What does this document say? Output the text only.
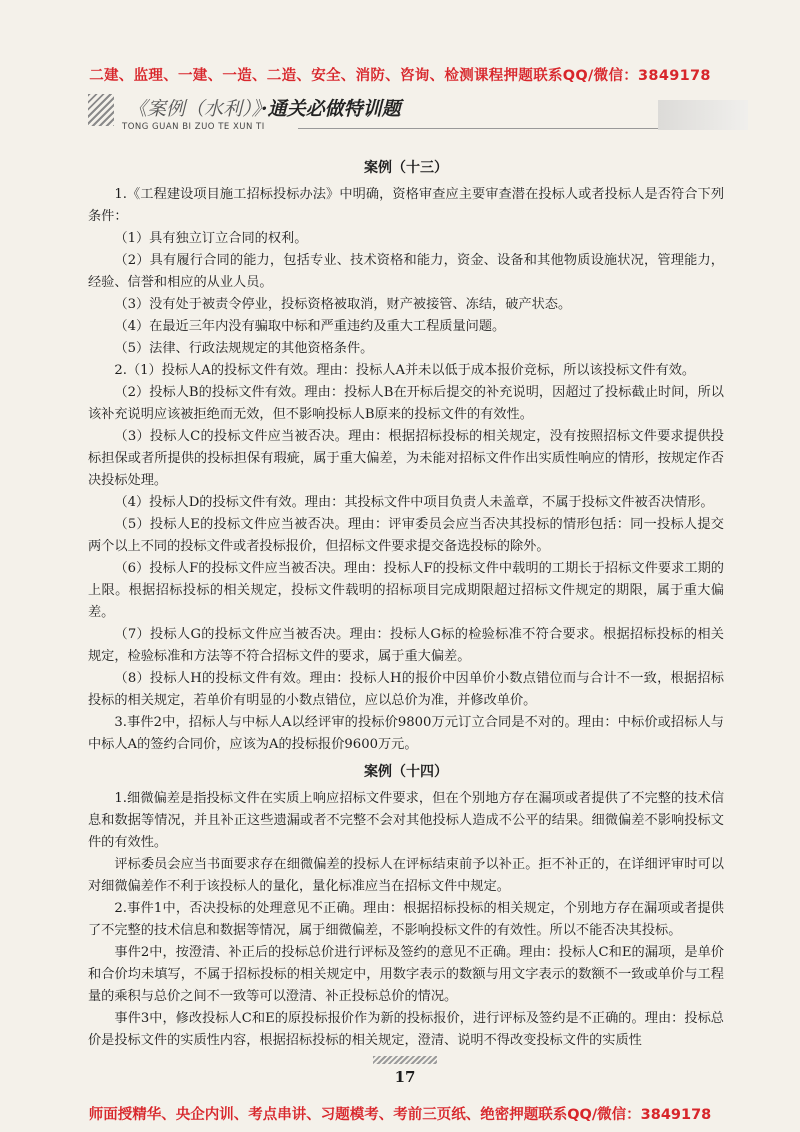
二建、监理、一建、一造、二造、安全、消防、咨询、检测课程押题联系QQ/微信：3849178
《案例（水利）》·通关必做特训题
TONG GUAN BI ZUO TE XUN TI
案例（十三）

1.《工程建设项目施工招标投标办法》中明确，资格审查应主要审查潜在投标人或者投标人是否符合下列条件：

（1）具有独立订立合同的权利。

（2）具有履行合同的能力，包括专业、技术资格和能力，资金、设备和其他物质设施状况，管理能力，经验、信誉和相应的从业人员。

（3）没有处于被责令停业，投标资格被取消，财产被接管、冻结，破产状态。

（4）在最近三年内没有骗取中标和严重违约及重大工程质量问题。

（5）法律、行政法规规定的其他资格条件。

2.（1）投标人A的投标文件有效。理由：投标人A并未以低于成本报价竞标，所以该投标文件有效。

（2）投标人B的投标文件有效。理由：投标人B在开标后提交的补充说明，因超过了投标截止时间，所以该补充说明应该被拒绝而无效，但不影响投标人B原来的投标文件的有效性。

（3）投标人C的投标文件应当被否决。理由：根据招标投标的相关规定，没有按照招标文件要求提供投标担保或者所提供的投标担保有瑕疵，属于重大偏差，为未能对招标文件作出实质性响应的情形，按规定作否决投标处理。

（4）投标人D的投标文件有效。理由：其投标文件中项目负责人未盖章，不属于投标文件被否决情形。

（5）投标人E的投标文件应当被否决。理由：评审委员会应当否决其投标的情形包括：同一投标人提交两个以上不同的投标文件或者投标报价，但招标文件要求提交备选投标的除外。

（6）投标人F的投标文件应当被否决。理由：投标人F的投标文件中载明的工期长于招标文件要求工期的上限。根据招标投标的相关规定，投标文件载明的招标项目完成期限超过招标文件规定的期限，属于重大偏差。

（7）投标人G的投标文件应当被否决。理由：投标人G标的检验标准不符合要求。根据招标投标的相关规定，检验标准和方法等不符合招标文件的要求，属于重大偏差。

（8）投标人H的投标文件有效。理由：投标人H的报价中因单价小数点错位而与合计不一致，根据招标投标的相关规定，若单价有明显的小数点错位，应以总价为准，并修改单价。

3.事件2中，招标人与中标人A以经评审的投标价9800万元订立合同是不对的。理由：中标价或招标人与中标人A的签约合同价，应该为A的投标报价9600万元。

案例（十四）

1.细微偏差是指投标文件在实质上响应招标文件要求，但在个别地方存在漏项或者提供了不完整的技术信息和数据等情况，并且补正这些遗漏或者不完整不会对其他投标人造成不公平的结果。细微偏差不影响投标文件的有效性。

评标委员会应当书面要求存在细微偏差的投标人在评标结束前予以补正。拒不补正的，在详细评审时可以对细微偏差作不利于该投标人的量化，量化标准应当在招标文件中规定。

2.事件1中，否决投标的处理意见不正确。理由：根据招标投标的相关规定，个别地方存在漏项或者提供了不完整的技术信息和数据等情况，属于细微偏差，不影响投标文件的有效性。所以不能否决其投标。

事件2中，按澄清、补正后的投标总价进行评标及签约的意见不正确。理由：投标人C和E的漏项，是单价和合价均未填写，不属于招标投标的相关规定中，用数字表示的数额与用文字表示的数额不一致或单价与工程量的乘积与总价之间不一致等可以澄清、补正投标总价的情况。

事件3中，修改投标人C和E的原投标报价作为新的投标报价，进行评标及签约是不正确的。理由：投标总价是投标文件的实质性内容，根据招标投标的相关规定，澄清、说明不得改变投标文件的实质性

17
师面授精华、央企内训、考点串讲、习题模考、考前三页纸、绝密押题联系QQ/微信：3849178
